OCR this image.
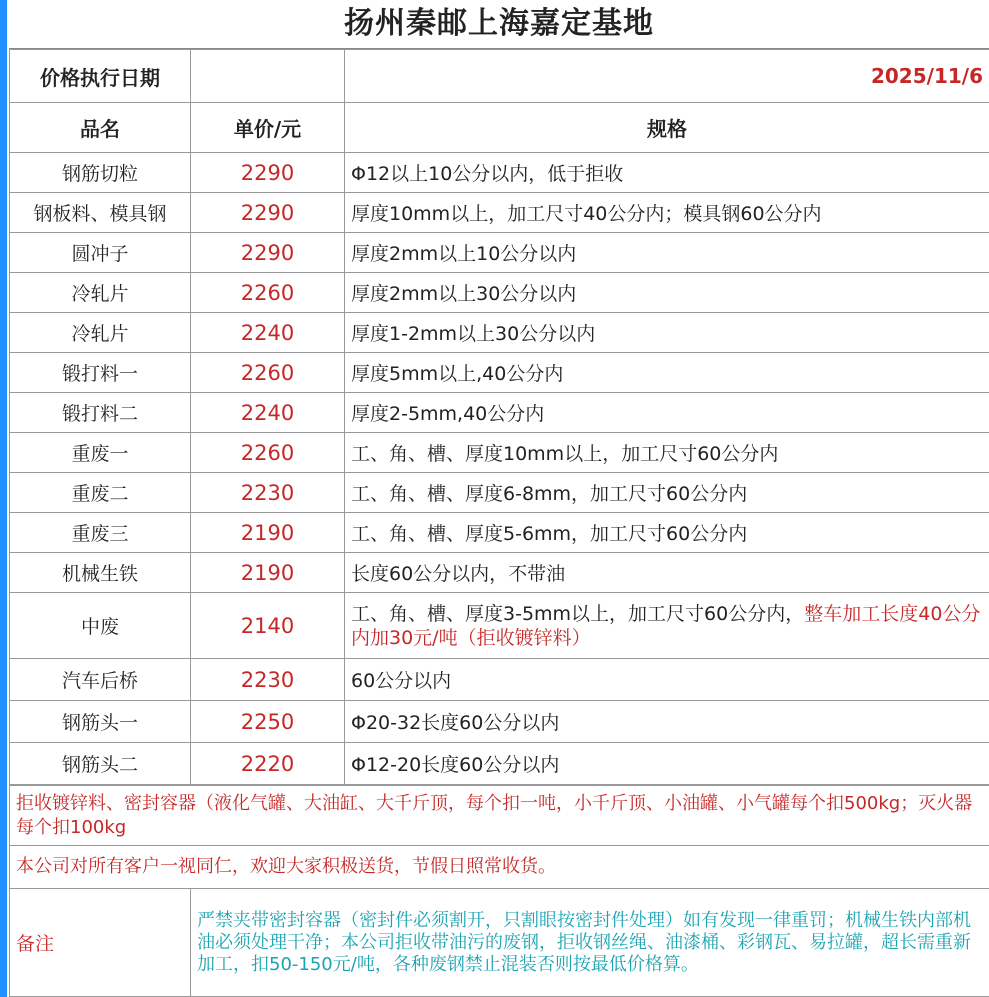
扬州秦邮上海嘉定基地
价格执行日期		2025/11/6
品名	单价/元	规格
钢筋切粒	2290	Φ12以上10公分以内，低于拒收
钢板料、模具钢	2290	厚度10mm以上，加工尺寸40公分内；模具钢60公分内
圆冲子	2290	厚度2mm以上10公分以内
冷轧片	2260	厚度2mm以上30公分以内
冷轧片	2240	厚度1-2mm以上30公分以内
锻打料一	2260	厚度5mm以上,40公分内
锻打料二	2240	厚度2-5mm,40公分内
重废一	2260	工、角、槽、厚度10mm以上，加工尺寸60公分内
重废二	2230	工、角、槽、厚度6-8mm，加工尺寸60公分内
重废三	2190	工、角、槽、厚度5-6mm，加工尺寸60公分内
机械生铁	2190	长度60公分以内，不带油
中废	2140	工、角、槽、厚度3-5mm以上，加工尺寸60公分内，整车加工长度40公分内加30元/吨（拒收镀锌料）
汽车后桥	2230	60公分以内
钢筋头一	2250	Φ20-32长度60公分以内
钢筋头二	2220	Φ12-20长度60公分以内
拒收镀锌料、密封容器（液化气罐、大油缸、大千斤顶，每个扣一吨，小千斤顶、小油罐、小气罐每个扣500kg；灭火器每个扣100kg
本公司对所有客户一视同仁，欢迎大家积极送货，节假日照常收货。
备注	严禁夹带密封容器（密封件必须割开，只割眼按密封件处理）如有发现一律重罚；机械生铁内部机油必须处理干净；本公司拒收带油污的废钢，拒收钢丝绳、油漆桶、彩钢瓦、易拉罐，超长需重新加工，扣50-150元/吨，各种废钢禁止混装否则按最低价格算。
